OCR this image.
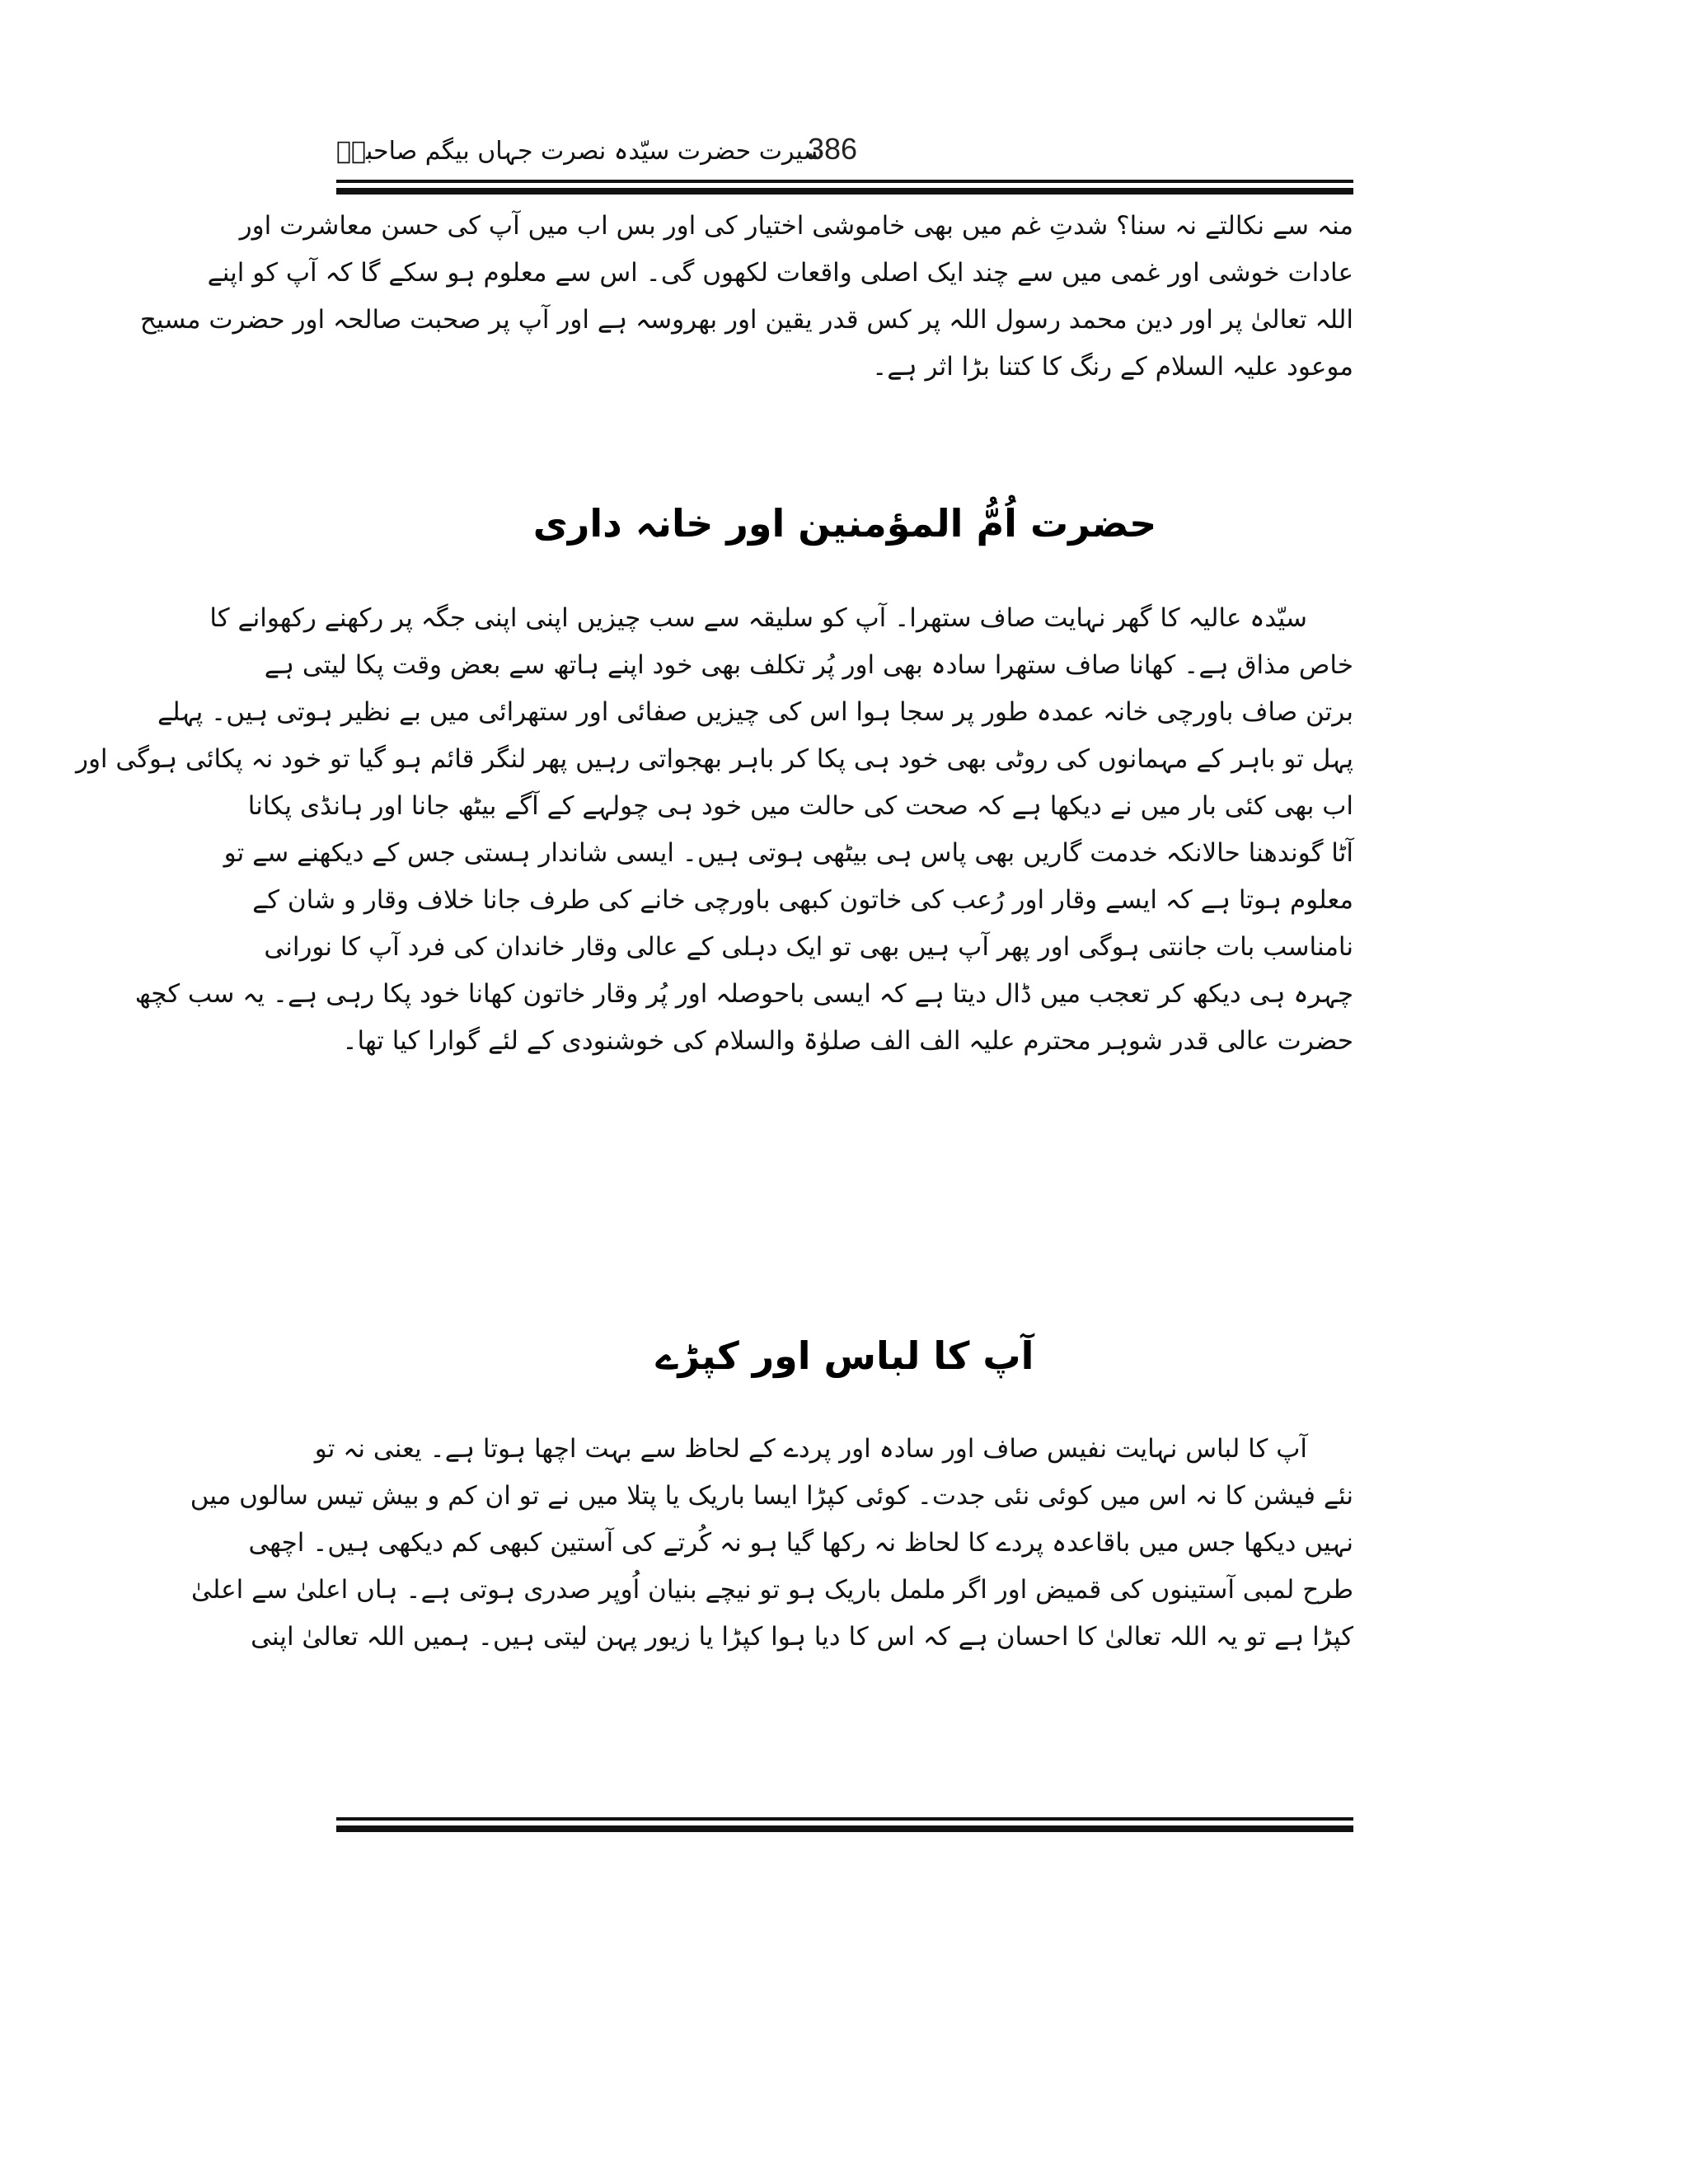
سیرت حضرت سیّدہ نصرت جہاں بیگم صاحبہؓ
386
منہ سے نکالتے نہ سنا؟ شدتِ غم میں بھی خاموشی اختیار کی اور بس اب میں آپ کی حسن معاشرت اور
عادات خوشی اور غمی میں سے چند ایک اصلی واقعات لکھوں گی۔ اس سے معلوم ہو سکے گا کہ آپ کو اپنے
اللہ تعالیٰ پر اور دین محمد رسول اللہ پر کس قدر یقین اور بھروسہ ہے اور آپ پر صحبت صالحہ اور حضرت مسیح
موعود علیہ السلام کے رنگ کا کتنا بڑا اثر ہے۔
حضرت اُمُّ المؤمنین اور خانہ داری
سیّدہ عالیہ کا گھر نہایت صاف ستھرا۔ آپ کو سلیقہ سے سب چیزیں اپنی اپنی جگہ پر رکھنے رکھوانے کا
خاص مذاق ہے۔ کھانا صاف ستھرا سادہ بھی اور پُر تکلف بھی خود اپنے ہاتھ سے بعض وقت پکا لیتی ہے
برتن صاف باورچی خانہ عمدہ طور پر سجا ہوا اس کی چیزیں صفائی اور ستھرائی میں بے نظیر ہوتی ہیں۔ پہلے
پہل تو باہر کے مہمانوں کی روٹی بھی خود ہی پکا کر باہر بھجواتی رہیں پھر لنگر قائم ہو گیا تو خود نہ پکائی ہوگی اور
اب بھی کئی بار میں نے دیکھا ہے کہ صحت کی حالت میں خود ہی چولہے کے آگے بیٹھ جانا اور ہانڈی پکانا
آٹا گوندھنا حالانکہ خدمت گاریں بھی پاس ہی بیٹھی ہوتی ہیں۔ ایسی شاندار ہستی جس کے دیکھنے سے تو
معلوم ہوتا ہے کہ ایسے وقار اور رُعب کی خاتون کبھی باورچی خانے کی طرف جانا خلاف وقار و شان کے
نامناسب بات جانتی ہوگی اور پھر آپ ہیں بھی تو ایک دہلی کے عالی وقار خاندان کی فرد آپ کا نورانی
چہرہ ہی دیکھ کر تعجب میں ڈال دیتا ہے کہ ایسی باحوصلہ اور پُر وقار خاتون کھانا خود پکا رہی ہے۔ یہ سب کچھ
حضرت عالی قدر شوہر محترم علیہ الف الف صلوٰۃ والسلام کی خوشنودی کے لئے گوارا کیا تھا۔
آپ کا لباس اور کپڑے
آپ کا لباس نہایت نفیس صاف اور سادہ اور پردے کے لحاظ سے بہت اچھا ہوتا ہے۔ یعنی نہ تو
نئے فیشن کا نہ اس میں کوئی نئی جدت۔ کوئی کپڑا ایسا باریک یا پتلا میں نے تو ان کم و بیش تیس سالوں میں
نہیں دیکھا جس میں باقاعدہ پردے کا لحاظ نہ رکھا گیا ہو نہ کُرتے کی آستین کبھی کم دیکھی ہیں۔ اچھی
طرح لمبی آستینوں کی قمیض اور اگر ململ باریک ہو تو نیچے بنیان اُوپر صدری ہوتی ہے۔ ہاں اعلیٰ سے اعلیٰ
کپڑا ہے تو یہ اللہ تعالیٰ کا احسان ہے کہ اس کا دیا ہوا کپڑا یا زیور پہن لیتی ہیں۔ ہمیں اللہ تعالیٰ اپنی
